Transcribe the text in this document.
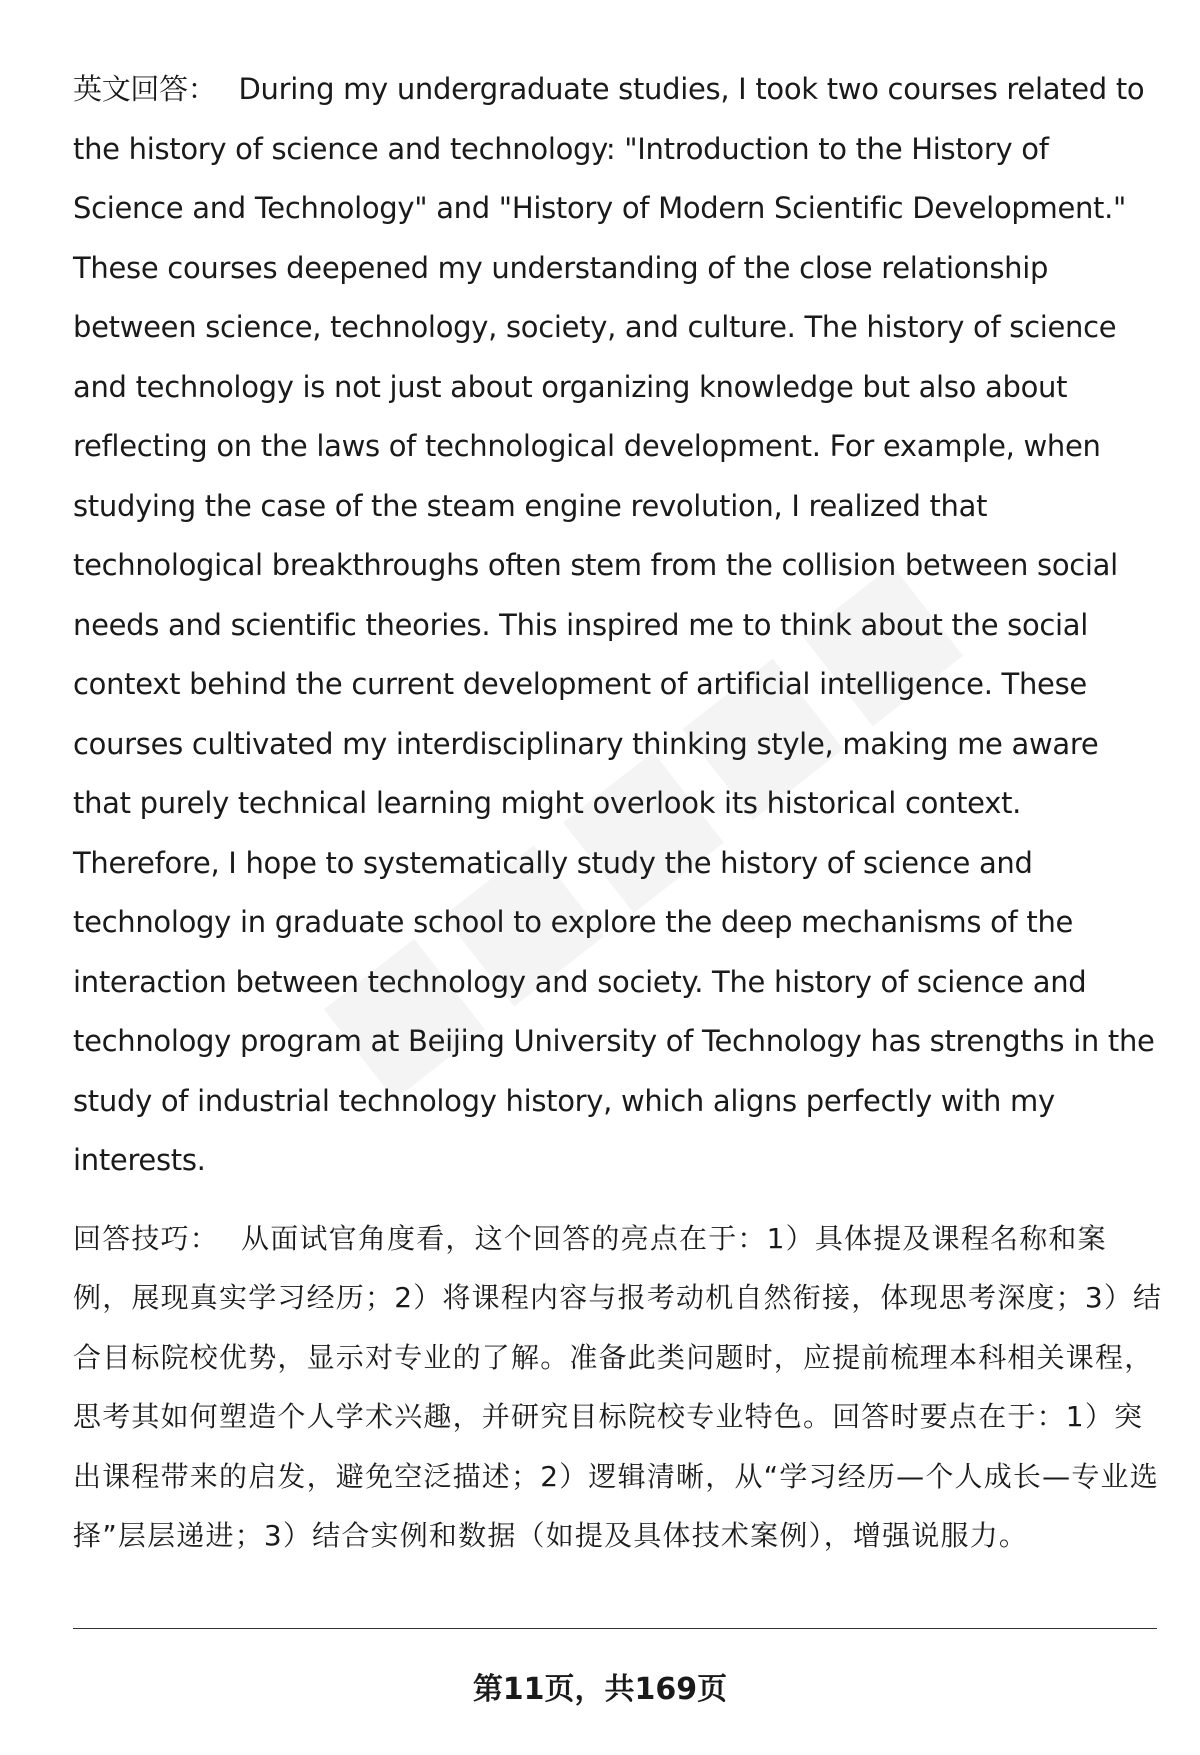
英文回答： During my undergraduate studies, I took two courses related to the history of science and technology: "Introduction to the History of Science and Technology" and "History of Modern Scientific Development." These courses deepened my understanding of the close relationship between science, technology, society, and culture. The history of science and technology is not just about organizing knowledge but also about reflecting on the laws of technological development. For example, when studying the case of the steam engine revolution, I realized that technological breakthroughs often stem from the collision between social needs and scientific theories. This inspired me to think about the social context behind the current development of artificial intelligence. These courses cultivated my interdisciplinary thinking style, making me aware that purely technical learning might overlook its historical context. Therefore, I hope to systematically study the history of science and technology in graduate school to explore the deep mechanisms of the interaction between technology and society. The history of science and technology program at Beijing University of Technology has strengths in the study of industrial technology history, which aligns perfectly with my interests.

回答技巧： 从面试官角度看，这个回答的亮点在于：1）具体提及课程名称和案例，展现真实学习经历；2）将课程内容与报考动机自然衔接，体现思考深度；3）结合目标院校优势，显示对专业的了解。准备此类问题时，应提前梳理本科相关课程，思考其如何塑造个人学术兴趣，并研究目标院校专业特色。回答时要点在于：1）突出课程带来的启发，避免空泛描述；2）逻辑清晰，从“学习经历—个人成长—专业选择”层层递进；3）结合实例和数据（如提及具体技术案例），增强说服力。

第11页，共169页
